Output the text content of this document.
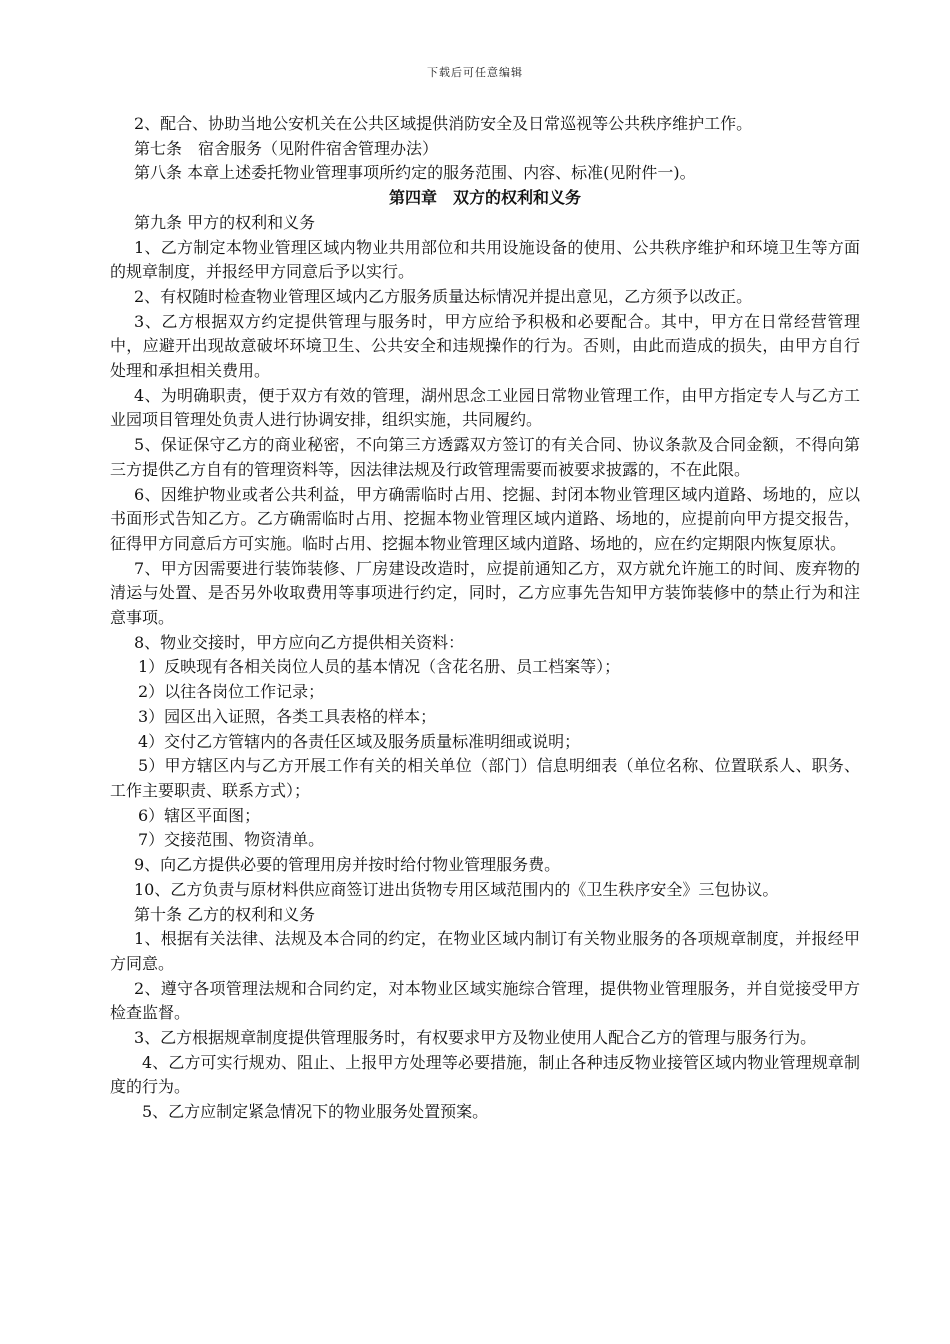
下载后可任意编辑

2、配合、协助当地公安机关在公共区域提供消防安全及日常巡视等公共秩序维护工作。

第七条　宿舍服务（见附件宿舍管理办法）

第八条 本章上述委托物业管理事项所约定的服务范围、内容、标准(见附件一)。

第四章　双方的权利和义务

第九条 甲方的权利和义务

1、乙方制定本物业管理区域内物业共用部位和共用设施设备的使用、公共秩序维护和环境卫生等方面的规章制度，并报经甲方同意后予以实行。

2、有权随时检查物业管理区域内乙方服务质量达标情况并提出意见，乙方须予以改正。

3、乙方根据双方约定提供管理与服务时，甲方应给予积极和必要配合。其中，甲方在日常经营管理中，应避开出现故意破坏环境卫生、公共安全和违规操作的行为。否则，由此而造成的损失，由甲方自行处理和承担相关费用。

4、为明确职责，便于双方有效的管理，湖州思念工业园日常物业管理工作，由甲方指定专人与乙方工业园项目管理处负责人进行协调安排，组织实施，共同履约。

5、保证保守乙方的商业秘密，不向第三方透露双方签订的有关合同、协议条款及合同金额，不得向第三方提供乙方自有的管理资料等，因法律法规及行政管理需要而被要求披露的，不在此限。

6、因维护物业或者公共利益，甲方确需临时占用、挖掘、封闭本物业管理区域内道路、场地的，应以书面形式告知乙方。乙方确需临时占用、挖掘本物业管理区域内道路、场地的，应提前向甲方提交报告，征得甲方同意后方可实施。临时占用、挖掘本物业管理区域内道路、场地的，应在约定期限内恢复原状。

7、甲方因需要进行装饰装修、厂房建设改造时，应提前通知乙方，双方就允许施工的时间、废弃物的清运与处置、是否另外收取费用等事项进行约定，同时，乙方应事先告知甲方装饰装修中的禁止行为和注意事项。

8、物业交接时，甲方应向乙方提供相关资料：

1）反映现有各相关岗位人员的基本情况（含花名册、员工档案等）；

2）以往各岗位工作记录；

3）园区出入证照，各类工具表格的样本；

4）交付乙方管辖内的各责任区域及服务质量标准明细或说明；

5）甲方辖区内与乙方开展工作有关的相关单位（部门）信息明细表（单位名称、位置联系人、职务、工作主要职责、联系方式）；

6）辖区平面图；

7）交接范围、物资清单。

9、向乙方提供必要的管理用房并按时给付物业管理服务费。

10、乙方负责与原材料供应商签订进出货物专用区域范围内的《卫生秩序安全》三包协议。

第十条 乙方的权利和义务

1、根据有关法律、法规及本合同的约定，在物业区域内制订有关物业服务的各项规章制度，并报经甲方同意。

2、遵守各项管理法规和合同约定，对本物业区域实施综合管理，提供物业管理服务，并自觉接受甲方检查监督。

3、乙方根据规章制度提供管理服务时，有权要求甲方及物业使用人配合乙方的管理与服务行为。

4、乙方可实行规劝、阻止、上报甲方处理等必要措施，制止各种违反物业接管区域内物业管理规章制度的行为。

5、乙方应制定紧急情况下的物业服务处置预案。
